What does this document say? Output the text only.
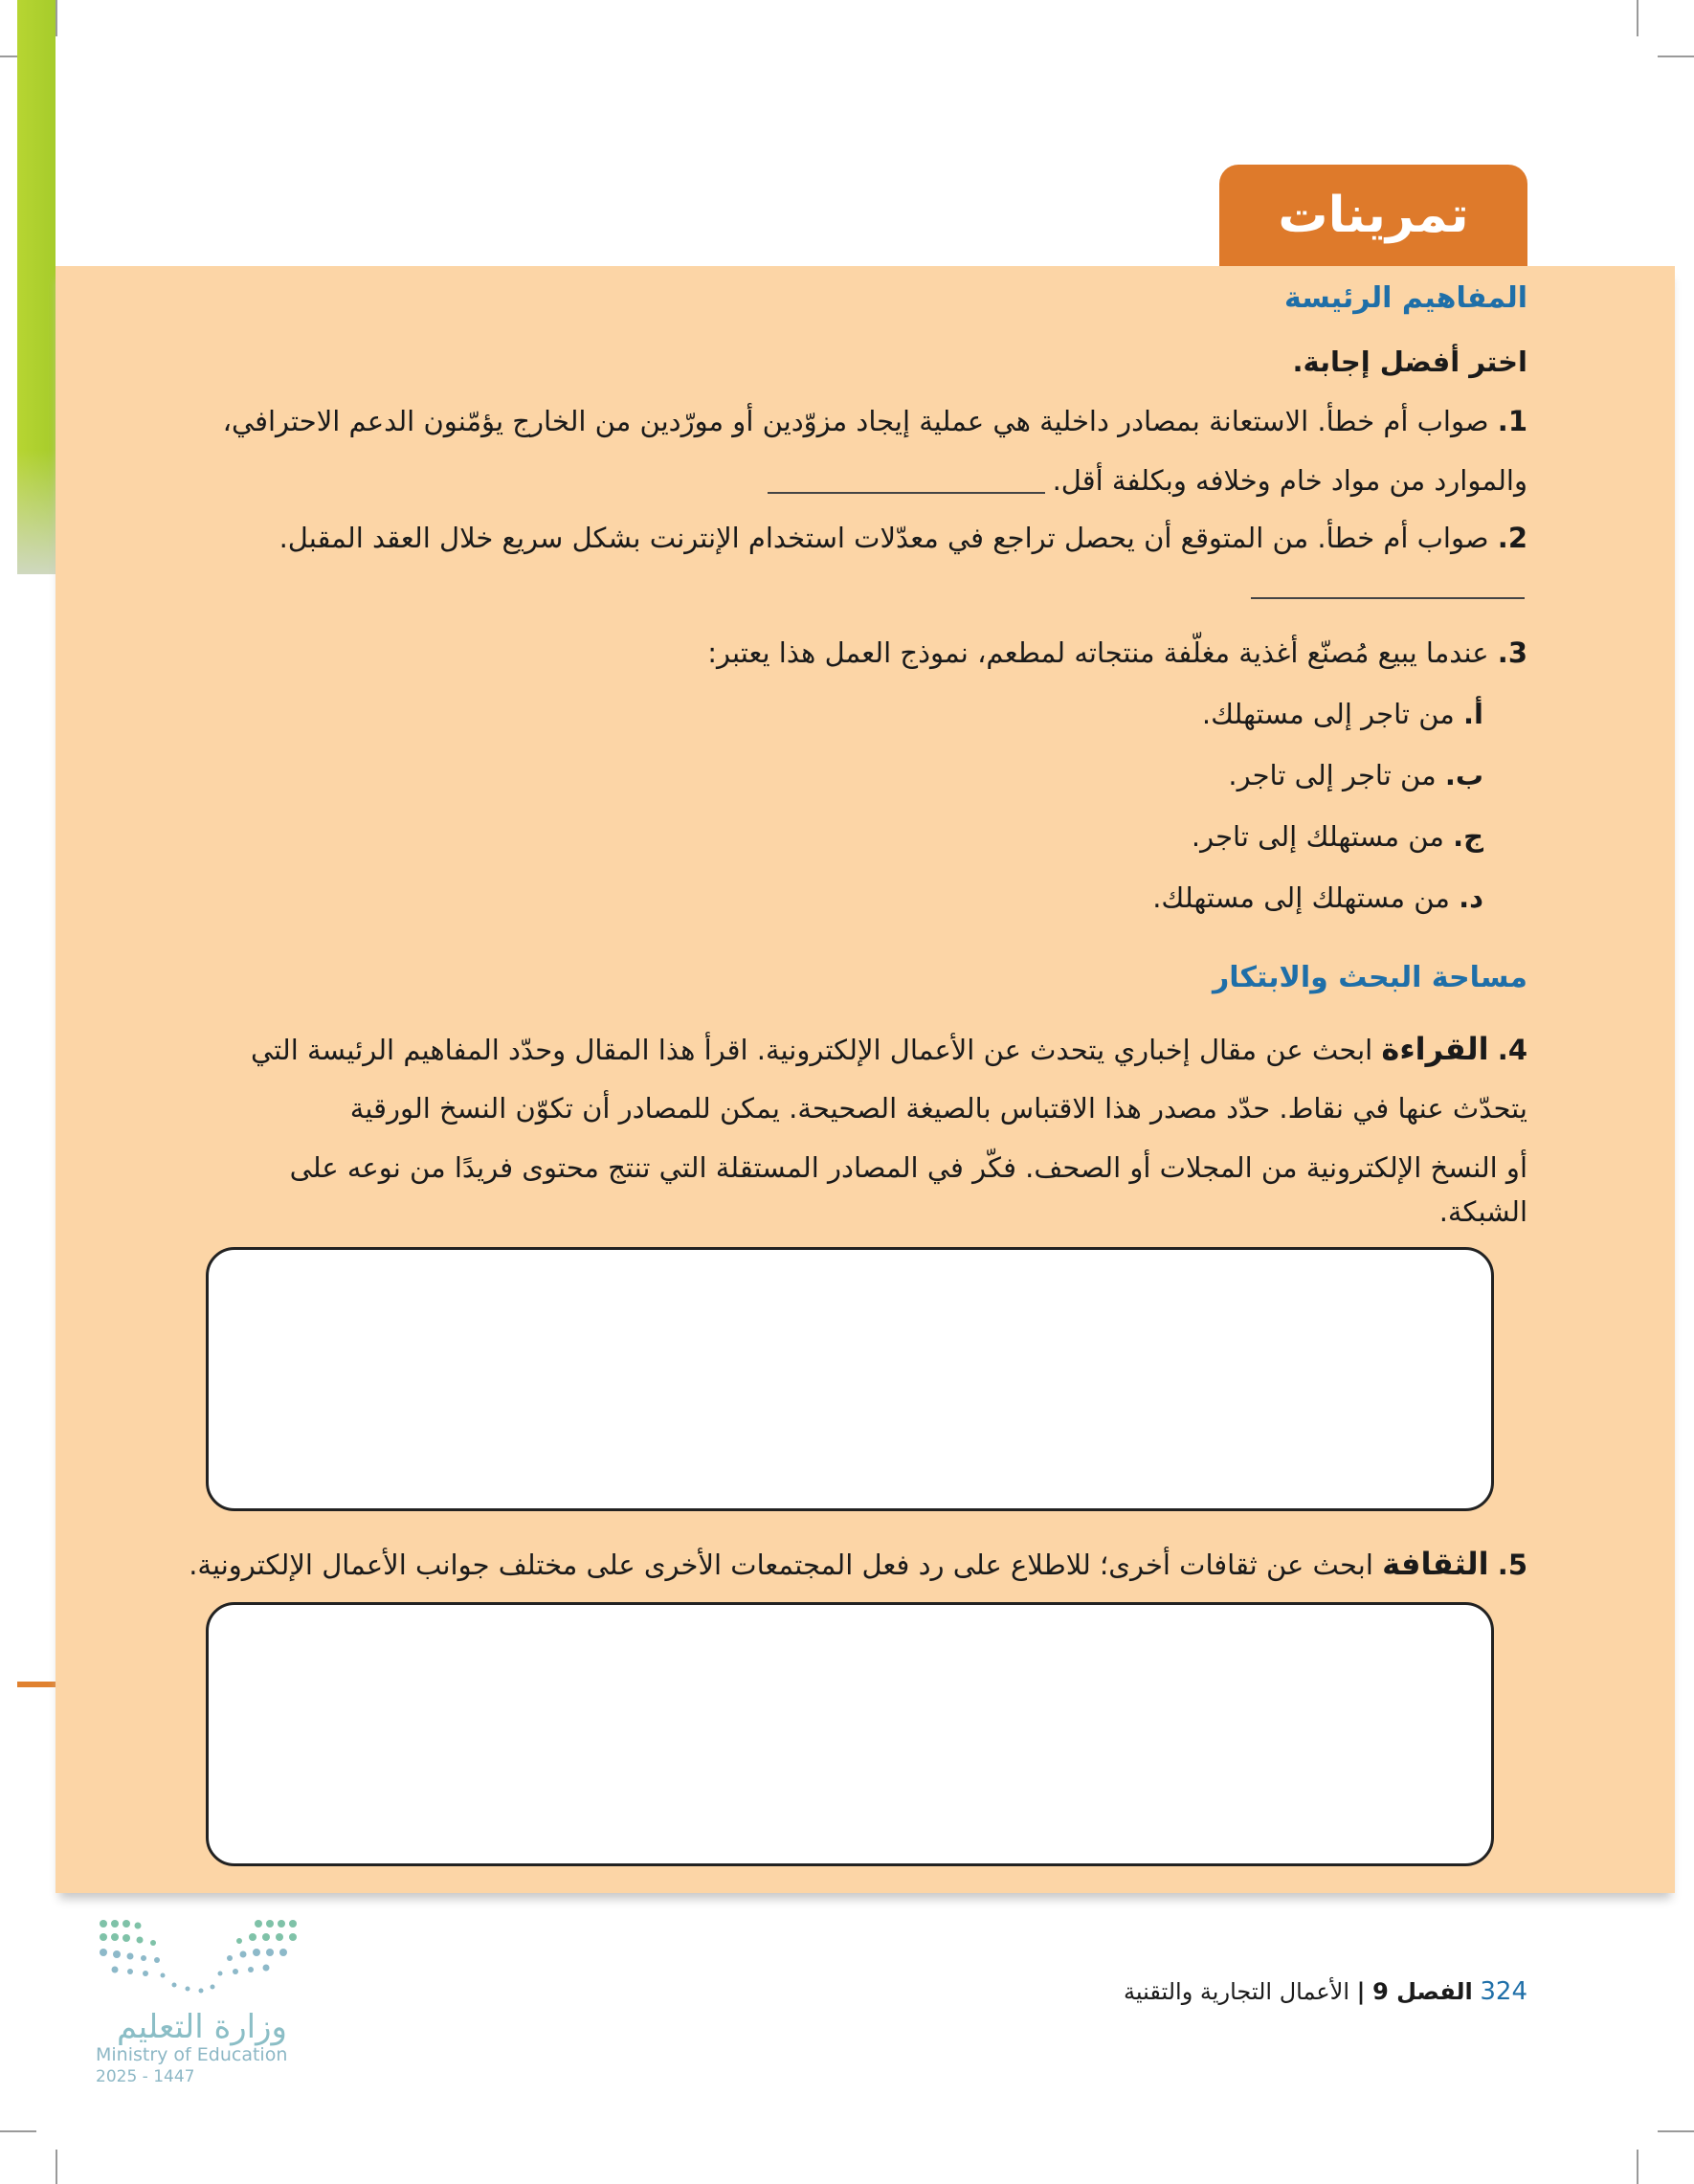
تمرينات
المفاهيم الرئيسة
اختر أفضل إجابة.
1. صواب أم خطأ. الاستعانة بمصادر داخلية هي عملية إيجاد مزوّدين أو مورّدين من الخارج يؤمّنون الدعم الاحترافي،
والموارد من مواد خام وخلافه وبكلفة أقل.
2. صواب أم خطأ. من المتوقع أن يحصل تراجع في معدّلات استخدام الإنترنت بشكل سريع خلال العقد المقبل.
3. عندما يبيع مُصنّع أغذية مغلّفة منتجاته لمطعم، نموذج العمل هذا يعتبر:
أ. من تاجر إلى مستهلك.
ب. من تاجر إلى تاجر.
ج. من مستهلك إلى تاجر.
د. من مستهلك إلى مستهلك.
مساحة البحث والابتكار
4. القراءة ابحث عن مقال إخباري يتحدث عن الأعمال الإلكترونية. اقرأ هذا المقال وحدّد المفاهيم الرئيسة التي
يتحدّث عنها في نقاط. حدّد مصدر هذا الاقتباس بالصيغة الصحيحة. يمكن للمصادر أن تكوّن النسخ الورقية
أو النسخ الإلكترونية من المجلات أو الصحف. فكّر في المصادر المستقلة التي تنتج محتوى فريدًا من نوعه على
الشبكة.
5. الثقافة ابحث عن ثقافات أخرى؛ للاطلاع على رد فعل المجتمعات الأخرى على مختلف جوانب الأعمال الإلكترونية.
وزارة التعليم
Ministry of Education
2025 - 1447
324 الفصل 9 | الأعمال التجارية والتقنية
